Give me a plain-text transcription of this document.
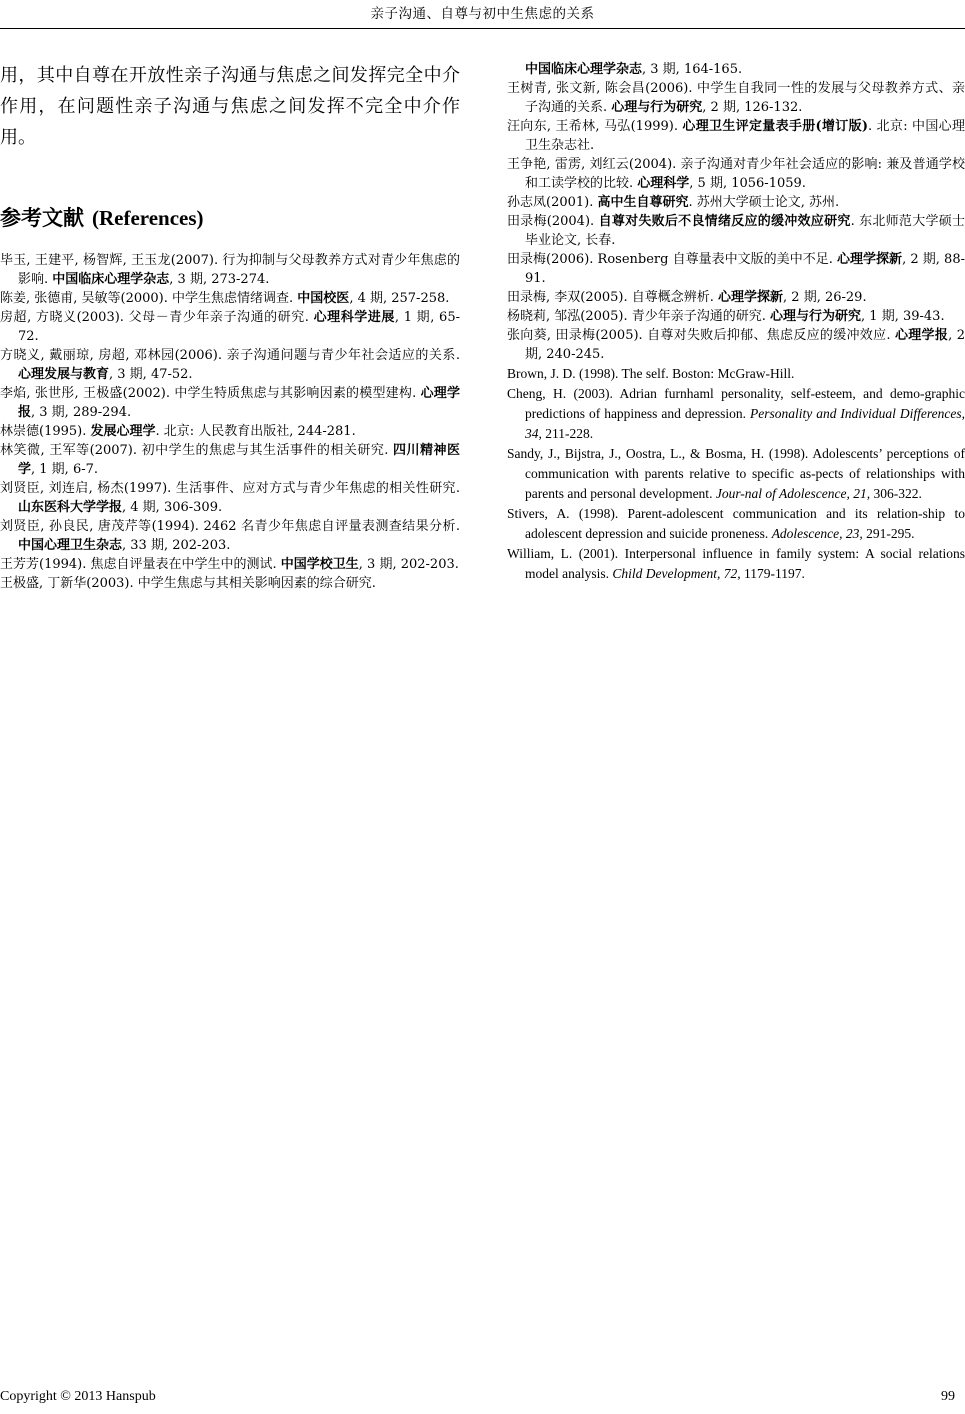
亲子沟通、自尊与初中生焦虑的关系

用，其中自尊在开放性亲子沟通与焦虑之间发挥完全中介作用，在问题性亲子沟通与焦虑之间发挥不完全中介作用。

参考文献 (References)

毕玉, 王建平, 杨智辉, 王玉龙(2007). 行为抑制与父母教养方式对青少年焦虑的影响. 中国临床心理学杂志, 3 期, 273-274.

陈姜, 张德甫, 吴敏等(2000). 中学生焦虑情绪调查. 中国校医, 4 期, 257-258.

房超, 方晓义(2003). 父母－青少年亲子沟通的研究. 心理科学进展, 1 期, 65-72.

方晓义, 戴丽琼, 房超, 邓林园(2006). 亲子沟通问题与青少年社会适应的关系. 心理发展与教育, 3 期, 47-52.

李焰, 张世彤, 王极盛(2002). 中学生特质焦虑与其影响因素的模型建构. 心理学报, 3 期, 289-294.

林崇德(1995). 发展心理学. 北京: 人民教育出版社, 244-281.

林笑微, 王军等(2007). 初中学生的焦虑与其生活事件的相关研究. 四川精神医学, 1 期, 6-7.

刘贤臣, 刘连启, 杨杰(1997). 生活事件、应对方式与青少年焦虑的相关性研究. 山东医科大学学报, 4 期, 306-309.

刘贤臣, 孙良民, 唐茂芹等(1994). 2462 名青少年焦虑自评量表测查结果分析. 中国心理卫生杂志, 33 期, 202-203.

王芳芳(1994). 焦虑自评量表在中学生中的测试. 中国学校卫生, 3 期, 202-203.

王极盛, 丁新华(2003). 中学生焦虑与其相关影响因素的综合研究.

中国临床心理学杂志, 3 期, 164-165.

王树青, 张文新, 陈会昌(2006). 中学生自我同一性的发展与父母教养方式、亲子沟通的关系. 心理与行为研究, 2 期, 126-132.

汪向东, 王希林, 马弘(1999). 心理卫生评定量表手册(增订版). 北京: 中国心理卫生杂志社.

王争艳, 雷雳, 刘红云(2004). 亲子沟通对青少年社会适应的影响: 兼及普通学校和工读学校的比较. 心理科学, 5 期, 1056-1059.

孙志凤(2001). 高中生自尊研究. 苏州大学硕士论文, 苏州.

田录梅(2004). 自尊对失败后不良情绪反应的缓冲效应研究. 东北师范大学硕士毕业论文, 长春.

田录梅(2006). Rosenberg 自尊量表中文版的美中不足. 心理学探新, 2 期, 88-91.

田录梅, 李双(2005). 自尊概念辨析. 心理学探新, 2 期, 26-29.

杨晓莉, 邹泓(2005). 青少年亲子沟通的研究. 心理与行为研究, 1 期, 39-43.

张向葵, 田录梅(2005). 自尊对失败后抑郁、焦虑反应的缓冲效应. 心理学报, 2 期, 240-245.

Brown, J. D. (1998). The self. Boston: McGraw-Hill.

Cheng, H. (2003). Adrian furnhaml personality, self-esteem, and demo-graphic predictions of happiness and depression. Personality and Individual Differences, 34, 211-228.

Sandy, J., Bijstra, J., Oostra, L., & Bosma, H. (1998). Adolescents’ perceptions of communication with parents relative to specific as-pects of relationships with parents and personal development. Jour-nal of Adolescence, 21, 306-322.

Stivers, A. (1998). Parent-adolescent communication and its relation-ship to adolescent depression and suicide proneness. Adolescence, 23, 291-295.

William, L. (2001). Interpersonal influence in family system: A social relations model analysis. Child Development, 72, 1179-1197.

Copyright © 2013 Hanspub	99
